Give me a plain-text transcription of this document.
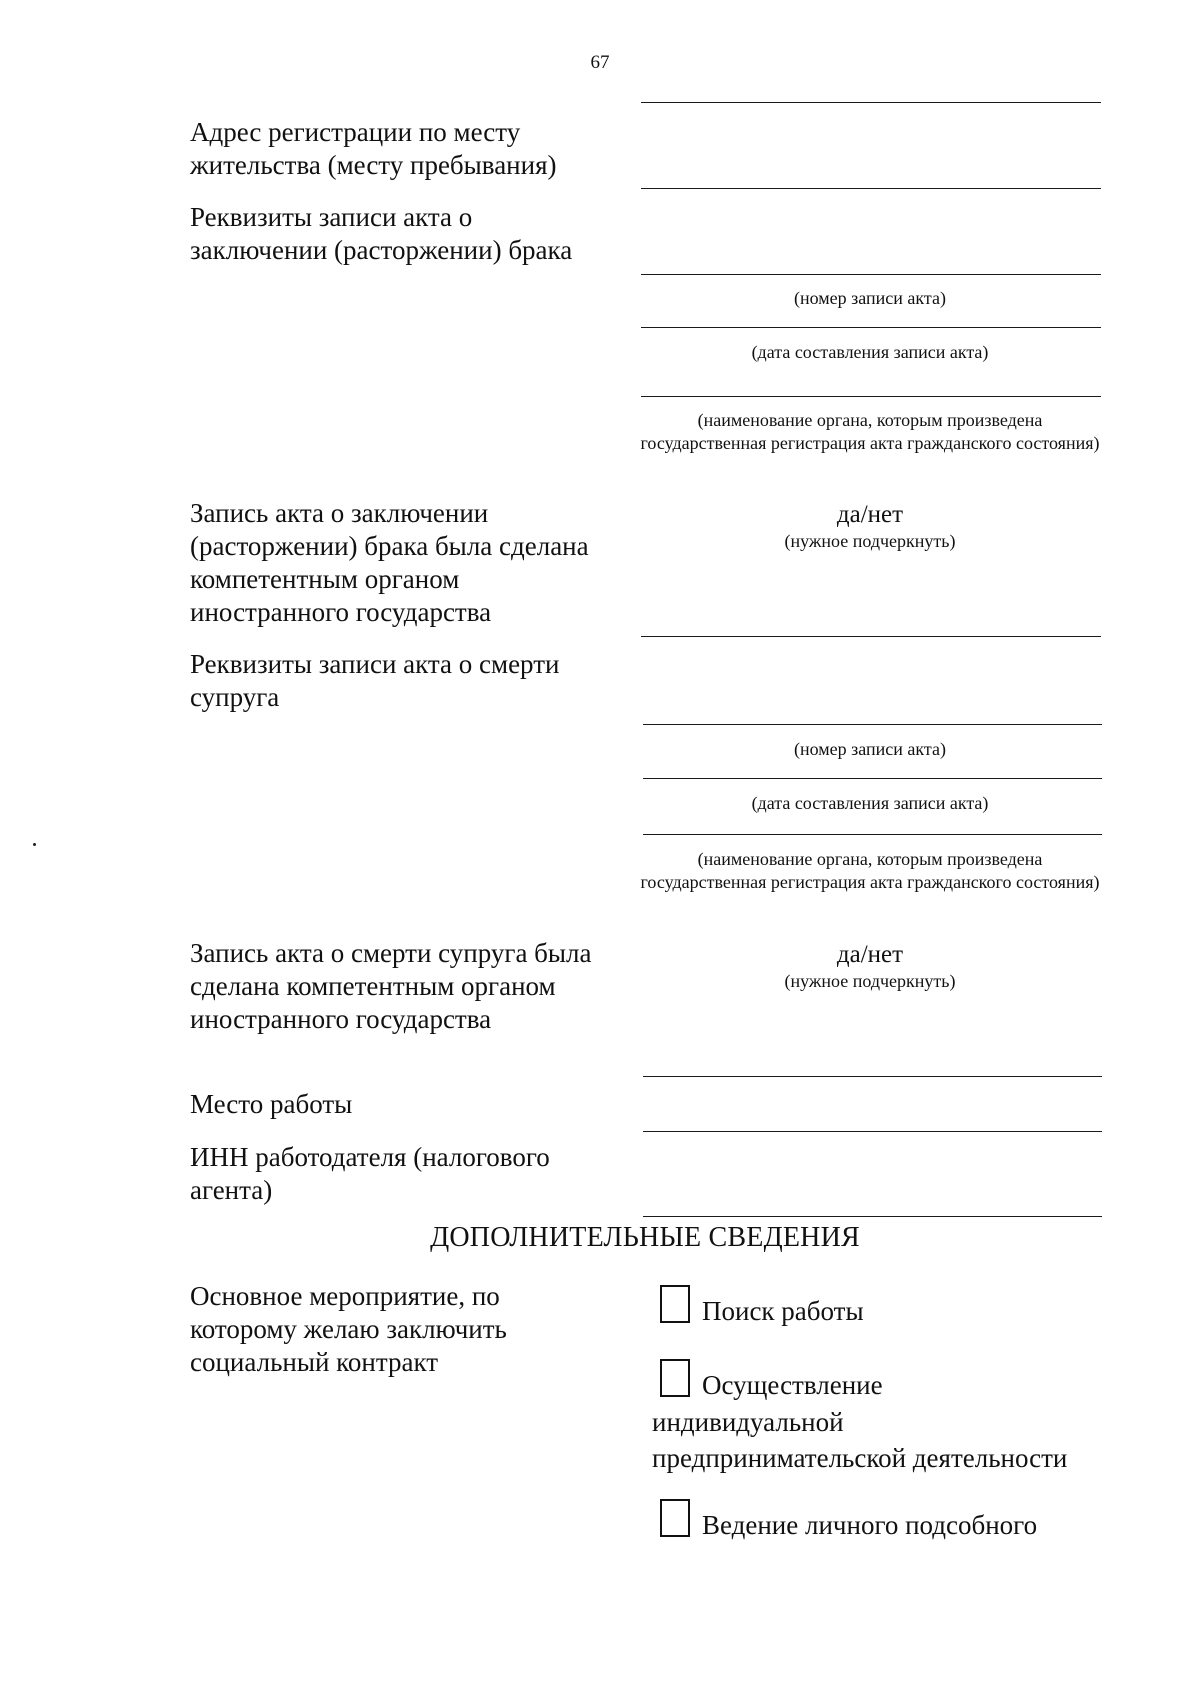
67
Адрес регистрации по месту жительства (месту пребывания)
Реквизиты записи акта о заключении (расторжении) брака
(номер записи акта)
(дата составления записи акта)
(наименование органа, которым произведена государственная регистрация акта гражданского состояния)
Запись акта о заключении (расторжении) брака была сделана компетентным органом иностранного государства
да/нет
(нужное подчеркнуть)
Реквизиты записи акта о смерти супруга
(номер записи акта)
(дата составления записи акта)
(наименование органа, которым произведена государственная регистрация акта гражданского состояния)
Запись акта о смерти супруга была сделана компетентным органом иностранного государства
да/нет
(нужное подчеркнуть)
Место работы
ИНН работодателя (налогового агента)
ДОПОЛНИТЕЛЬНЫЕ СВЕДЕНИЯ
Основное мероприятие, по которому желаю заключить социальный контракт
Поиск работы
Осуществление
индивидуальной
предпринимательской деятельности
Ведение личного подсобного
